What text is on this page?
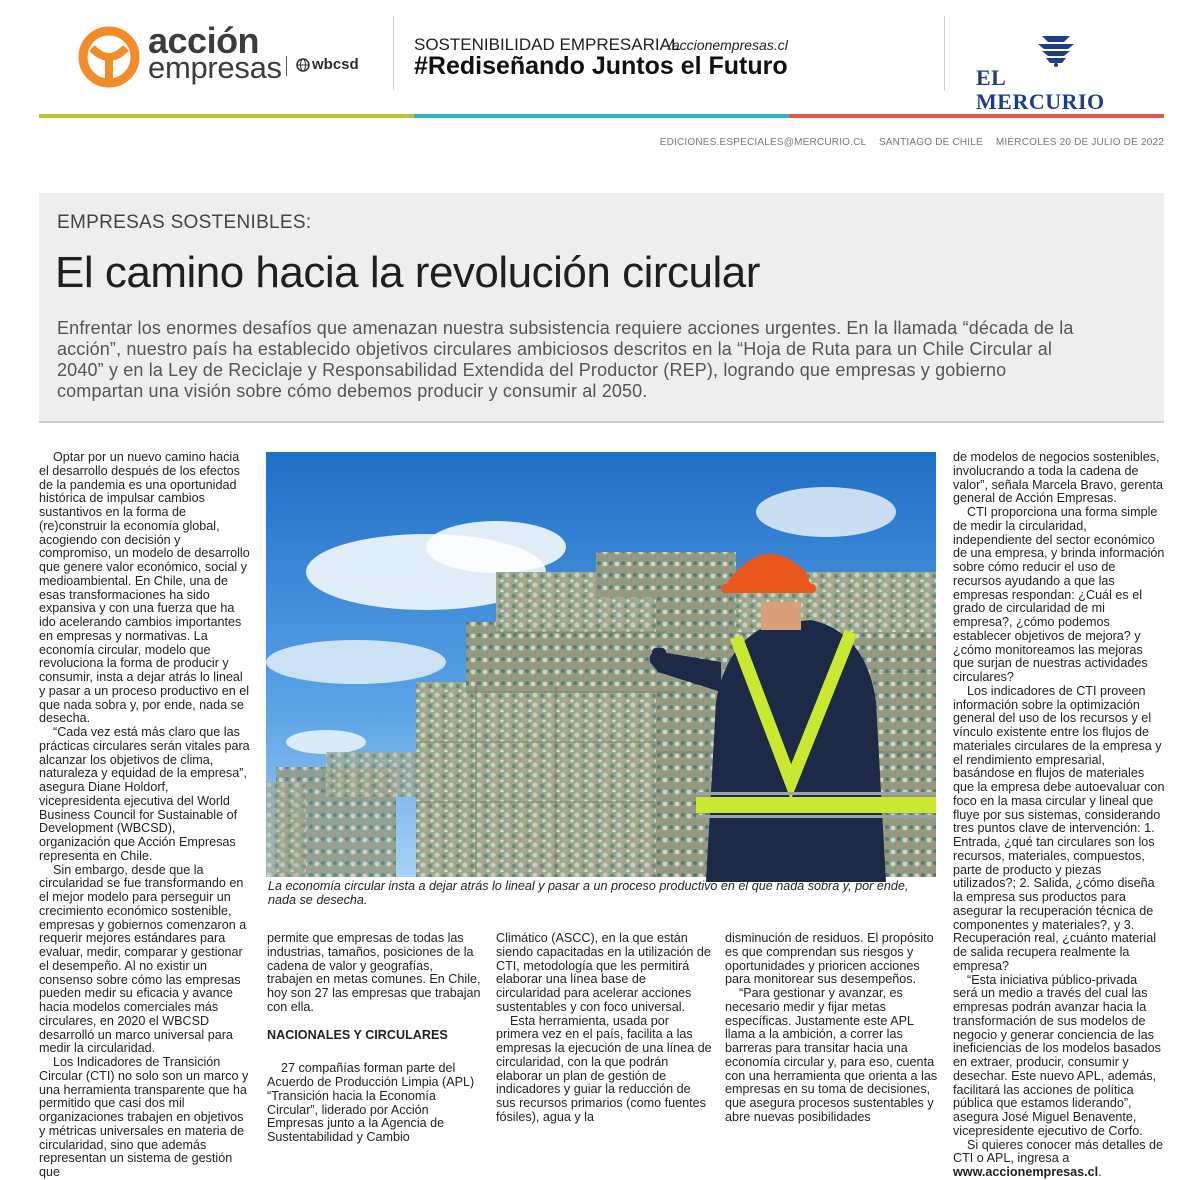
acción
empresas wbcsd
SOSTENIBILIDAD EMPRESARIAL
/accionempresas.cl
#Rediseñando Juntos el Futuro	EL MERCURIO
EDICIONES.ESPECIALES@MERCURIO.CL SANTIAGO DE CHILE MIÉRCOLES 20 DE JULIO DE 2022
EMPRESAS SOSTENIBLES:
El camino hacia la revolución circular
Enfrentar los enormes desafíos que amenazan nuestra subsistencia requiere acciones urgentes. En la llamada “década de la acción”, nuestro país ha establecido objetivos circulares ambiciosos descritos en la “Hoja de Ruta para un Chile Circular al 2040” y en la Ley de Reciclaje y Responsabilidad Extendida del Productor (REP), logrando que empresas y gobierno compartan una visión sobre cómo debemos producir y consumir al 2050.

Optar por un nuevo camino hacia el desarrollo después de los efectos de la pandemia es una oportunidad histórica de impulsar cambios sustantivos en la forma de (re)construir la economía global, acogiendo con decisión y compromiso, un modelo de desarrollo que genere valor económico, social y medioambiental. En Chile, una de esas transformaciones ha sido expansiva y con una fuerza que ha ido acelerando cambios importantes en empresas y normativas. La economía circular, modelo que revoluciona la forma de producir y consumir, insta a dejar atrás lo lineal y pasar a un proceso productivo en el que nada sobra y, por ende, nada se desecha.

“Cada vez está más claro que las prácticas circulares serán vitales para alcanzar los objetivos de clima, naturaleza y equidad de la empresa”, asegura Diane Holdorf, vicepresidenta ejecutiva del World Business Council for Sustainable of Development (WBCSD), organización que Acción Empresas representa en Chile.

Sin embargo, desde que la circularidad se fue transformando en el mejor modelo para perseguir un crecimiento económico sostenible, empresas y gobiernos comenzaron a requerir mejores estándares para evaluar, medir, comparar y gestionar el desempeño. Al no existir un consenso sobre cómo las empresas pueden medir su eficacia y avance hacia modelos comerciales más circulares, en 2020 el WBCSD desarrolló un marco universal para medir la circularidad.

Los Indicadores de Transición Circular (CTI) no solo son un marco y una herramienta transparente que ha permitido que casi dos mil organizaciones trabajen en objetivos y métricas universales en materia de circularidad, sino que además representan un sistema de gestión que

La economía circular insta a dejar atrás lo lineal y pasar a un proceso productivo en el que nada sobra y, por ende, nada se desecha.

permite que empresas de todas las industrias, tamaños, posiciones de la cadena de valor y geografías, trabajen en metas comunes. En Chile, hoy son 27 las empresas que trabajan con ella.

NACIONALES Y CIRCULARES

27 compañías forman parte del Acuerdo de Producción Limpia (APL) “Transición hacia la Economía Circular”, liderado por Acción Empresas junto a la Agencia de Sustentabilidad y Cambio

Climático (ASCC), en la que están siendo capacitadas en la utilización de CTI, metodología que les permitirá elaborar una línea base de circularidad para acelerar acciones sustentables y con foco universal.

Esta herramienta, usada por primera vez en el país, facilita a las empresas la ejecución de una línea de circularidad, con la que podrán elaborar un plan de gestión de indicadores y guiar la reducción de sus recursos primarios (como fuentes fósiles), agua y la

disminución de residuos. El propósito es que comprendan sus riesgos y oportunidades y prioricen acciones para monitorear sus desempeños.

“Para gestionar y avanzar, es necesario medir y fijar metas específicas. Justamente este APL llama a la ambición, a correr las barreras para transitar hacia una economía circular y, para eso, cuenta con una herramienta que orienta a las empresas en su toma de decisiones, que asegura procesos sustentables y abre nuevas posibilidades

de modelos de negocios sostenibles, involucrando a toda la cadena de valor”, señala Marcela Bravo, gerenta general de Acción Empresas.

CTI proporciona una forma simple de medir la circularidad, independiente del sector económico de una empresa, y brinda información sobre cómo reducir el uso de recursos ayudando a que las empresas respondan: ¿Cuál es el grado de circularidad de mi empresa?, ¿cómo podemos establecer objetivos de mejora? y ¿cómo monitoreamos las mejoras que surjan de nuestras actividades circulares?

Los indicadores de CTI proveen información sobre la optimización general del uso de los recursos y el vínculo existente entre los flujos de materiales circulares de la empresa y el rendimiento empresarial, basándose en flujos de materiales que la empresa debe autoevaluar con foco en la masa circular y lineal que fluye por sus sistemas, considerando tres puntos clave de intervención: 1. Entrada, ¿qué tan circulares son los recursos, materiales, compuestos, parte de producto y piezas utilizados?; 2. Salida, ¿cómo diseña la empresa sus productos para asegurar la recuperación técnica de componentes y materiales?, y 3. Recuperación real, ¿cuánto material de salida recupera realmente la empresa?

“Esta iniciativa público-privada será un medio a través del cual las empresas podrán avanzar hacia la transformación de sus modelos de negocio y generar conciencia de las ineficiencias de los modelos basados en extraer, producir, consumir y desechar. Este nuevo APL, además, facilitará las acciones de política pública que estamos liderando”, asegura José Miguel Benavente, vicepresidente ejecutivo de Corfo.

Si quieres conocer más detalles de CTI o APL, ingresa a www.accionempresas.cl.
